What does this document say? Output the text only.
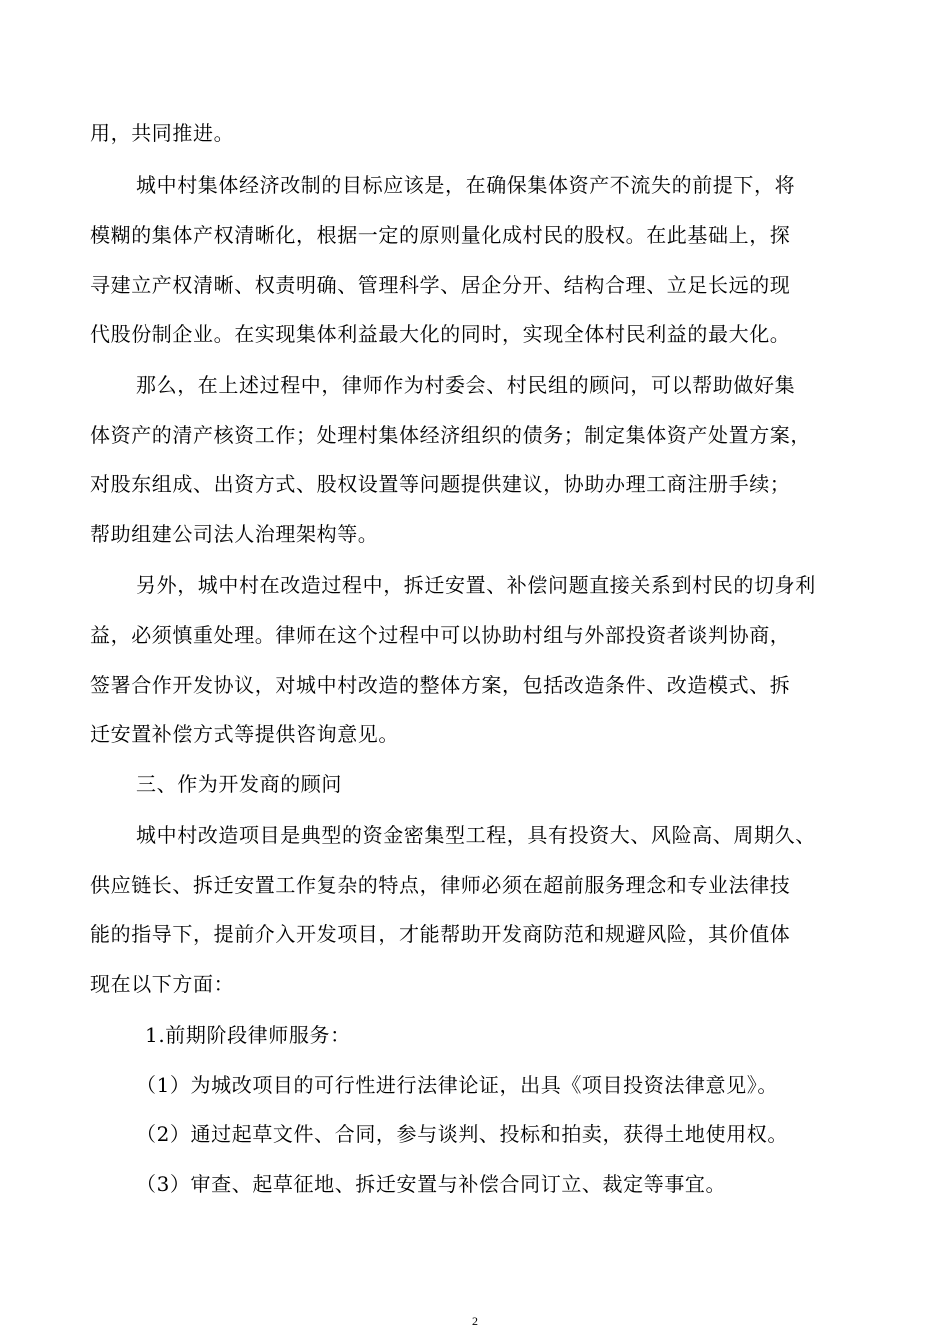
用，共同推进。
城中村集体经济改制的目标应该是，在确保集体资产不流失的前提下，将
模糊的集体产权清晰化，根据一定的原则量化成村民的股权。在此基础上，探
寻建立产权清晰、权责明确、管理科学、居企分开、结构合理、立足长远的现
代股份制企业。在实现集体利益最大化的同时，实现全体村民利益的最大化。
那么，在上述过程中，律师作为村委会、村民组的顾问，可以帮助做好集
体资产的清产核资工作；处理村集体经济组织的债务；制定集体资产处置方案，
对股东组成、出资方式、股权设置等问题提供建议，协助办理工商注册手续；
帮助组建公司法人治理架构等。
另外，城中村在改造过程中，拆迁安置、补偿问题直接关系到村民的切身利
益，必须慎重处理。律师在这个过程中可以协助村组与外部投资者谈判协商，
签署合作开发协议，对城中村改造的整体方案，包括改造条件、改造模式、拆
迁安置补偿方式等提供咨询意见。
三、作为开发商的顾问
城中村改造项目是典型的资金密集型工程，具有投资大、风险高、周期久、
供应链长、拆迁安置工作复杂的特点，律师必须在超前服务理念和专业法律技
能的指导下，提前介入开发项目，才能帮助开发商防范和规避风险，其价值体
现在以下方面：
1.前期阶段律师服务：
（1）为城改项目的可行性进行法律论证，出具《项目投资法律意见》。
（2）通过起草文件、合同，参与谈判、投标和拍卖，获得土地使用权。
（3）审查、起草征地、拆迁安置与补偿合同订立、裁定等事宜。
2
